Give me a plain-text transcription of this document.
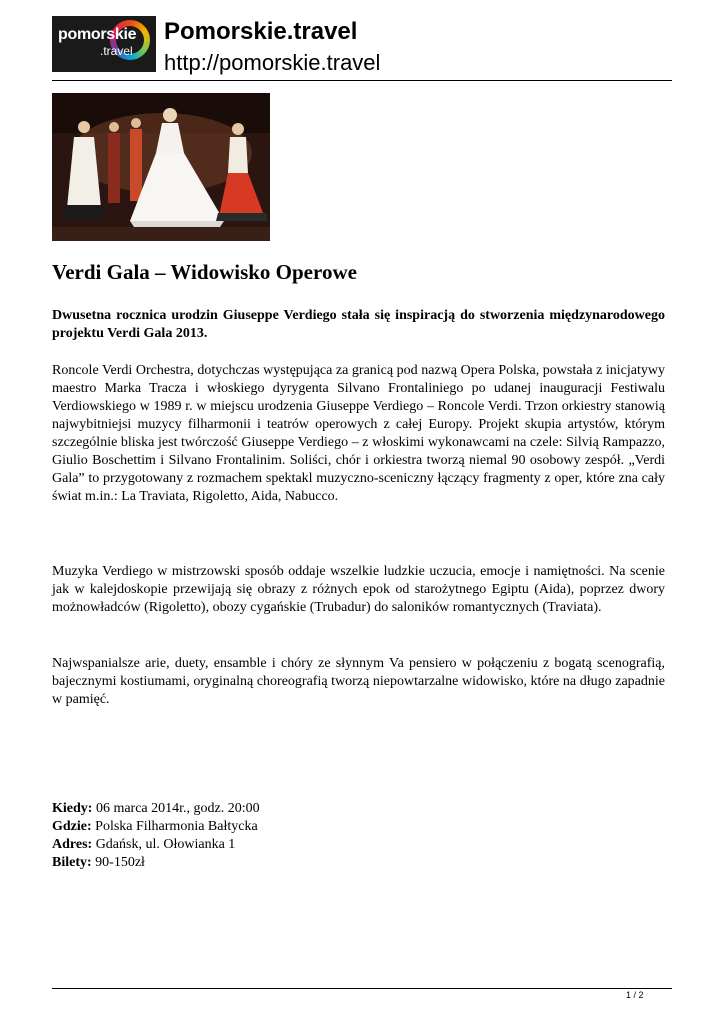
pomorskie
.travel

Pomorskie.travel

http://pomorskie.travel

Verdi Gala – Widowisko Operowe

Dwusetna rocznica urodzin Giuseppe Verdiego stała się inspiracją do stworzenia międzynarodowego projektu Verdi Gala 2013.

Roncole Verdi Orchestra, dotychczas występująca za granicą pod nazwą Opera Polska, powstała z inicjatywy maestro Marka Tracza i włoskiego dyrygenta Silvano Frontaliniego po udanej inauguracji Festiwalu Verdiowskiego w 1989 r. w miejscu urodzenia Giuseppe Verdiego – Roncole Verdi. Trzon orkiestry stanowią najwybitniejsi muzycy filharmonii i teatrów operowych z całej Europy. Projekt skupia artystów, którym szczególnie bliska jest twórczość Giuseppe Verdiego – z włoskimi wykonawcami na czele: Silvią Rampazzo, Giulio Boschettim i Silvano Frontalinim. Soliści, chór i orkiestra tworzą niemal 90 osobowy zespół. „Verdi Gala” to przygotowany z rozmachem spektakl muzyczno-sceniczny łączący fragmenty z oper, które zna cały świat m.in.: La Traviata, Rigoletto, Aida, Nabucco.

Muzyka Verdiego w mistrzowski sposób oddaje wszelkie ludzkie uczucia, emocje i namiętności. Na scenie jak w kalejdoskopie przewijają się obrazy z różnych epok od starożytnego Egiptu (Aida), poprzez dwory możnowładców (Rigoletto), obozy cygańskie (Trubadur) do saloników romantycznych (Traviata).

Najwspanialsze arie, duety, ensamble i chóry ze słynnym Va pensiero w połączeniu z bogatą scenografią, bajecznymi kostiumami, oryginalną choreografią tworzą niepowtarzalne widowisko, które na długo zapadnie w pamięć.

Kiedy: 06 marca 2014r., godz. 20:00
Gdzie: Polska Filharmonia Bałtycka
Adres: Gdańsk, ul. Ołowianka 1
Bilety: 90-150zł

1 / 2
